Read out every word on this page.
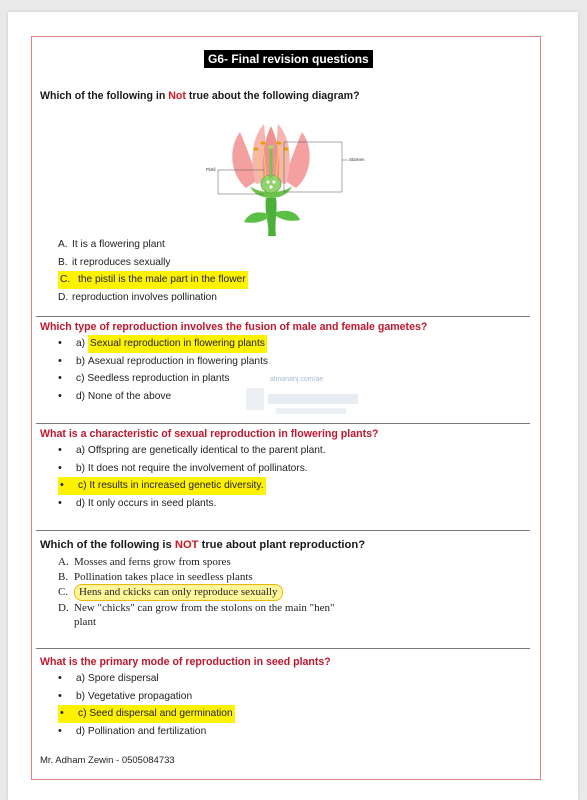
G6- Final revision questions
Which of the following in Not true about the following diagram?
Stamen
Pistil
A. It is a flowering plant
B. it reproduces sexually
C. the pistil is the male part in the flower
D. reproduction involves pollination
Which type of reproduction involves the fusion of male and female gametes?
•	a)
Sexual reproduction in flowering plants
•	b)
Asexual reproduction in flowering plants
•	c)
Seedless reproduction in plants
•	d)
None of the above
almanahj.com/ae
What is a characteristic of sexual reproduction in flowering plants?
•	a)
Offspring are genetically identical to the parent plant.
•	b)
It does not require the involvement of pollinators.
•	c)
It results in increased genetic diversity.
•	d)
It only occurs in seed plants.
Which of the following is NOT true about plant reproduction?
A. Mosses and ferns grow from spores
B. Pollination takes place in seedless plants
C. Hens and ckicks can only reproduce sexually
D. New "chicks" can grow from the stolons on the main "hen"
plant
What is the primary mode of reproduction in seed plants?
•	a)
Spore dispersal
•	b)
Vegetative propagation
•	c)
Seed dispersal and germination
•	d)
Pollination and fertilization
Mr. Adham Zewin - 0505084733
